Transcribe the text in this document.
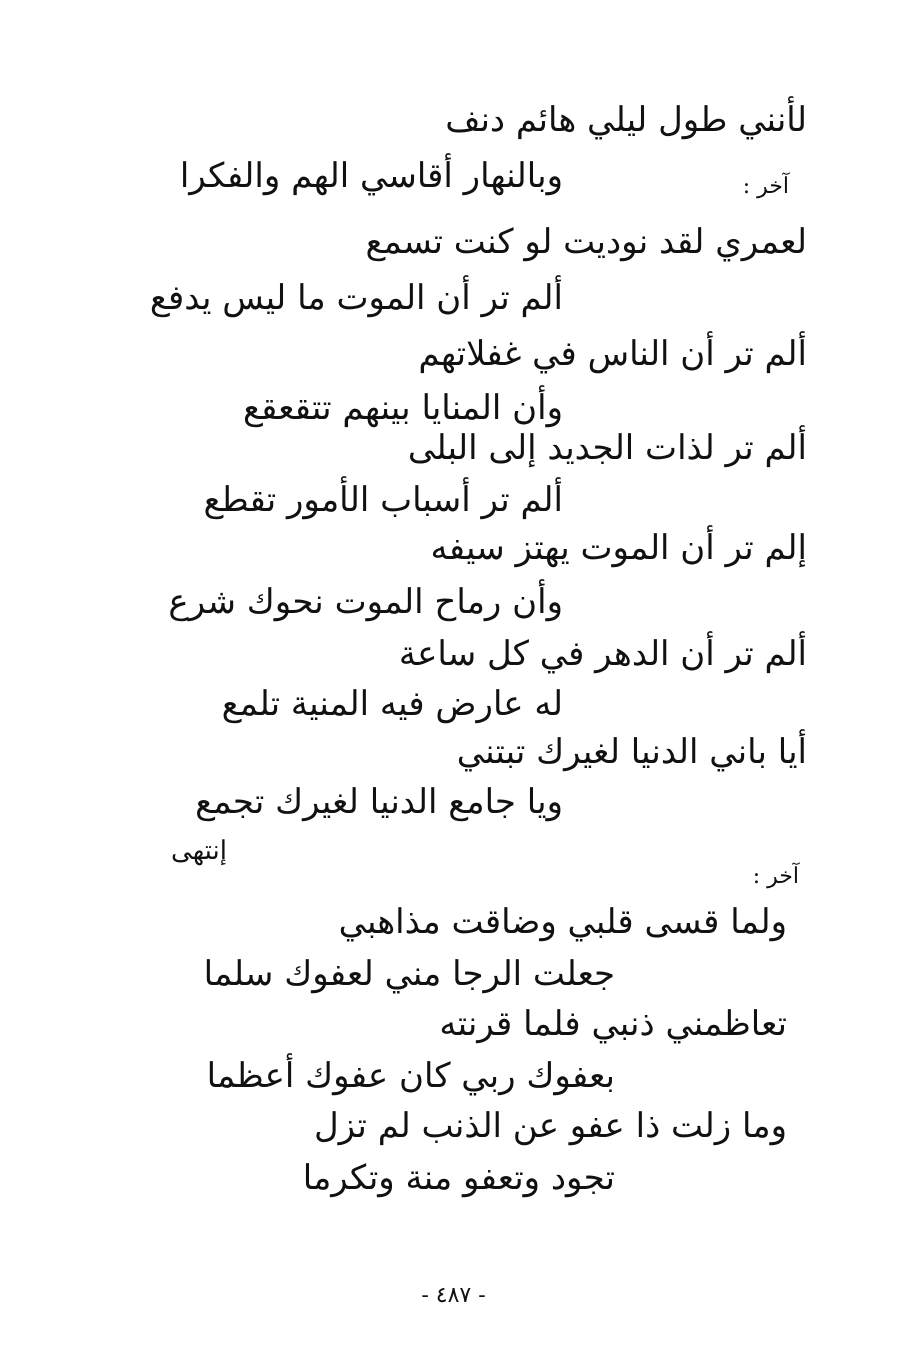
لأنني طول ليلي هائم دنف
وبالنهار أقاسي الهم والفكرا	آخر :
لعمري لقد نوديت لو كنت تسمع
ألم تر أن الموت ما ليس يدفع
ألم تر أن الناس في غفلاتهم
وأن المنايا بينهم تتقعقع
ألم تر لذات الجديد إلى البلى
ألم تر أسباب الأمور تقطع
إلم تر أن الموت يهتز سيفه
وأن رماح الموت نحوك شرع
ألم تر أن الدهر في كل ساعة
له عارض فيه المنية تلمع
أيا باني الدنيا لغيرك تبتني
ويا جامع الدنيا لغيرك تجمع
إنتهى
آخر :
ولما قسى قلبي وضاقت مذاهبي
جعلت الرجا مني لعفوك سلما
تعاظمني ذنبي فلما قرنته
بعفوك ربي كان عفوك أعظما
وما زلت ذا عفو عن الذنب لم تزل
تجود وتعفو منة وتكرما
- ٤٨٧ -
